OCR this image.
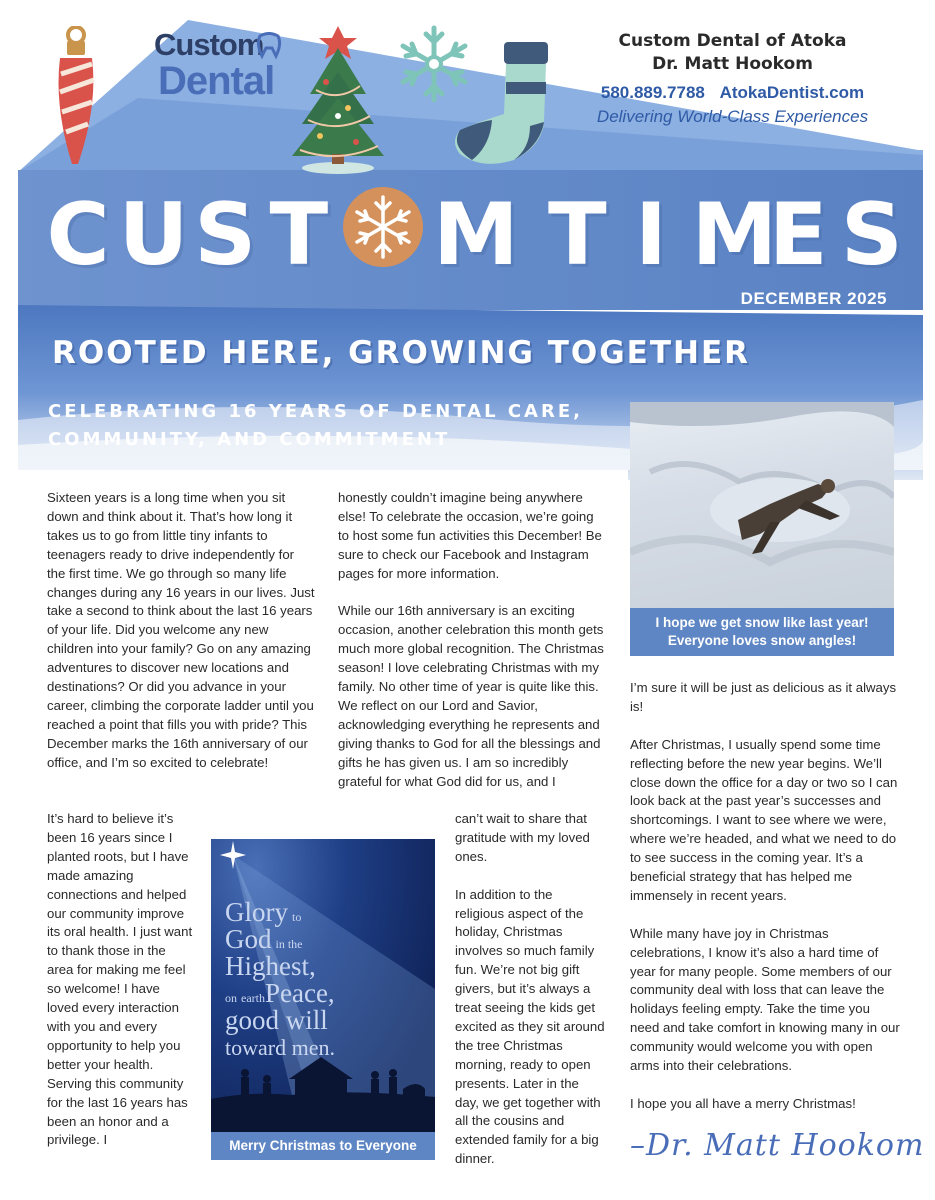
Custom
Dental
Custom Dental of Atoka
Dr. Matt Hookom
580.889.7788 AtokaDentist.com
Delivering World-Class Experiences
C U S T M T I M
E S
DECEMBER 2025
ROOTED HERE, GROWING TOGETHER
CELEBRATING 16 YEARS OF DENTAL CARE,
COMMUNITY, AND COMMITMENT
I hope we get snow like last year!
Everyone loves snow angles!

Sixteen years is a long time when you sit down and think about it. That’s how long it takes us to go from little tiny infants to teenagers ready to drive independently for the first time. We go through so many life changes during any 16 years in our lives. Just take a second to think about the last 16 years of your life. Did you welcome any new children into your family? Go on any amazing adventures to discover new locations and destinations? Or did you advance in your career, climbing the corporate ladder until you reached a point that fills you with pride? This December marks the 16th anniversary of our office, and I’m so excited to celebrate!

It’s hard to believe it’s been 16 years since I planted roots, but I have made amazing connections and helped our community improve its oral health. I just want to thank those in the area for making me feel so welcome! I have loved every interaction with you and every opportunity to help you better your health. Serving this community for the last 16 years has been an honor and a privilege. I

honestly couldn’t imagine being anywhere else! To celebrate the occasion, we’re going to host some fun activities this December! Be sure to check our Facebook and Instagram pages for more information.

While our 16th anniversary is an exciting occasion, another celebration this month gets much more global recognition. The Christmas season! I love celebrating Christmas with my family. No other time of year is quite like this. We reflect on our Lord and Savior, acknowledging everything he represents and giving thanks to God for all the blessings and gifts he has given us. I am so incredibly grateful for what God did for us, and I

can’t wait to share that gratitude with my loved ones.

In addition to the religious aspect of the holiday, Christmas involves so much family fun. We’re not big gift givers, but it’s always a treat seeing the kids get excited as they sit around the tree Christmas morning, ready to open presents. Later in the day, we get together with all the cousins and extended family for a big dinner.

Glory to
God in the
Highest,
on earthPeace,
good will
toward men.
Merry Christmas to Everyone

I’m sure it will be just as delicious as it always is!

After Christmas, I usually spend some time reflecting before the new year begins. We’ll close down the office for a day or two so I can look back at the past year’s successes and shortcomings. I want to see where we were, where we’re headed, and what we need to do to see success in the coming year. It’s a beneficial strategy that has helped me immensely in recent years.

While many have joy in Christmas celebrations, I know it’s also a hard time of year for many people. Some members of our community deal with loss that can leave the holidays feeling empty. Take the time you need and take comfort in knowing many in our community would welcome you with open arms into their celebrations.

I hope you all have a merry Christmas!

–Dr. Matt Hookom
